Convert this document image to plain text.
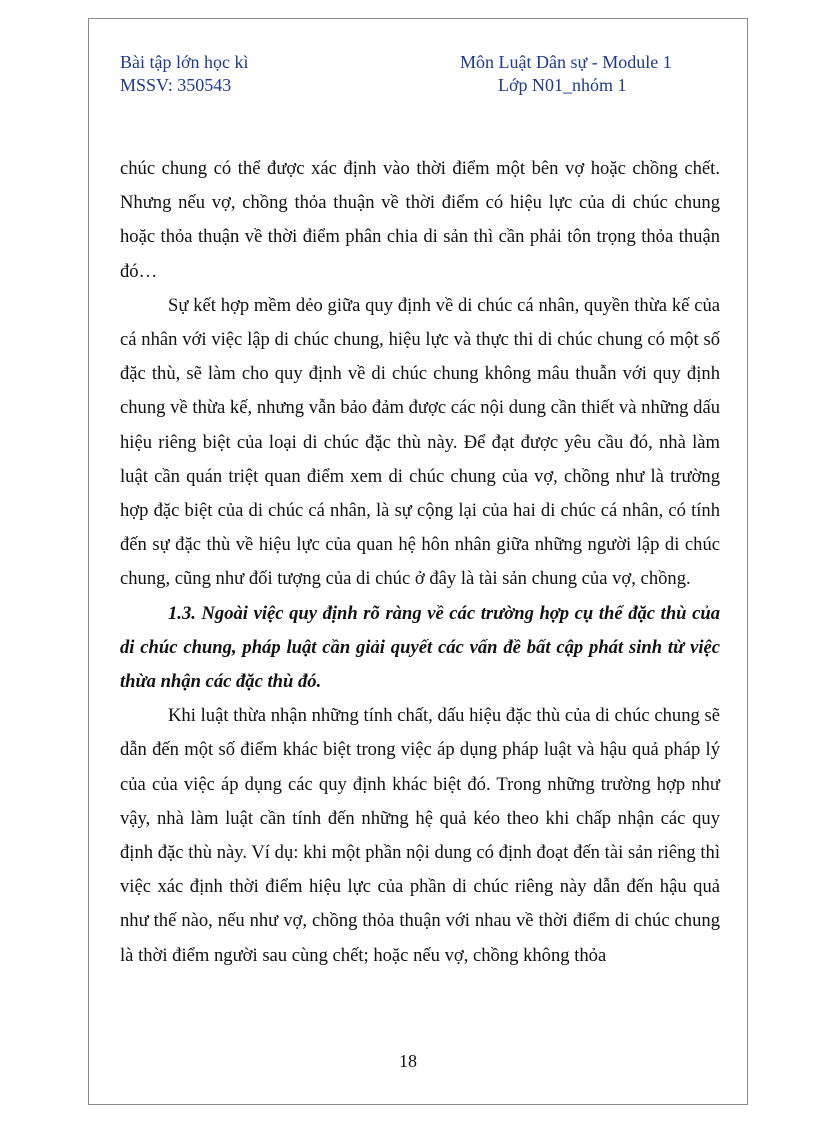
Bài tập lớn học kì
MSSV: 350543
Môn Luật Dân sự - Module 1
Lớp N01_nhóm 1

chúc chung có thể được xác định vào thời điểm một bên vợ hoặc chồng chết. Nhưng nếu vợ, chồng thỏa thuận về thời điểm có hiệu lực của di chúc chung hoặc thỏa thuận về thời điểm phân chia di sản thì cần phải tôn trọng thỏa thuận đó…

Sự kết hợp mềm dẻo giữa quy định về di chúc cá nhân, quyền thừa kế của cá nhân với việc lập di chúc chung, hiệu lực và thực thi di chúc chung có một số đặc thù, sẽ làm cho quy định về di chúc chung không mâu thuẫn với quy định chung về thừa kế, nhưng vẫn bảo đảm được các nội dung cần thiết và những dấu hiệu riêng biệt của loại di chúc đặc thù này. Để đạt được yêu cầu đó, nhà làm luật cần quán triệt quan điểm xem di chúc chung của vợ, chồng như là trường hợp đặc biệt của di chúc cá nhân, là sự cộng lại của hai di chúc cá nhân, có tính đến sự đặc thù về hiệu lực của quan hệ hôn nhân giữa những người lập di chúc chung, cũng như đối tượng của di chúc ở đây là tài sản chung của vợ, chồng.

1.3. Ngoài việc quy định rõ ràng về các trường hợp cụ thể đặc thù của di chúc chung, pháp luật cần giải quyết các vấn đề bất cập phát sinh từ việc thừa nhận các đặc thù đó.

Khi luật thừa nhận những tính chất, dấu hiệu đặc thù của di chúc chung sẽ dẫn đến một số điểm khác biệt trong việc áp dụng pháp luật và hậu quả pháp lý của của việc áp dụng các quy định khác biệt đó. Trong những trường hợp như vậy, nhà làm luật cần tính đến những hệ quả kéo theo khi chấp nhận các quy định đặc thù này. Ví dụ: khi một phần nội dung có định đoạt đến tài sản riêng thì việc xác định thời điểm hiệu lực của phần di chúc riêng này dẫn đến hậu quả như thế nào, nếu như vợ, chồng thỏa thuận với nhau về thời điểm di chúc chung là thời điểm người sau cùng chết; hoặc nếu vợ, chồng không thỏa

18
